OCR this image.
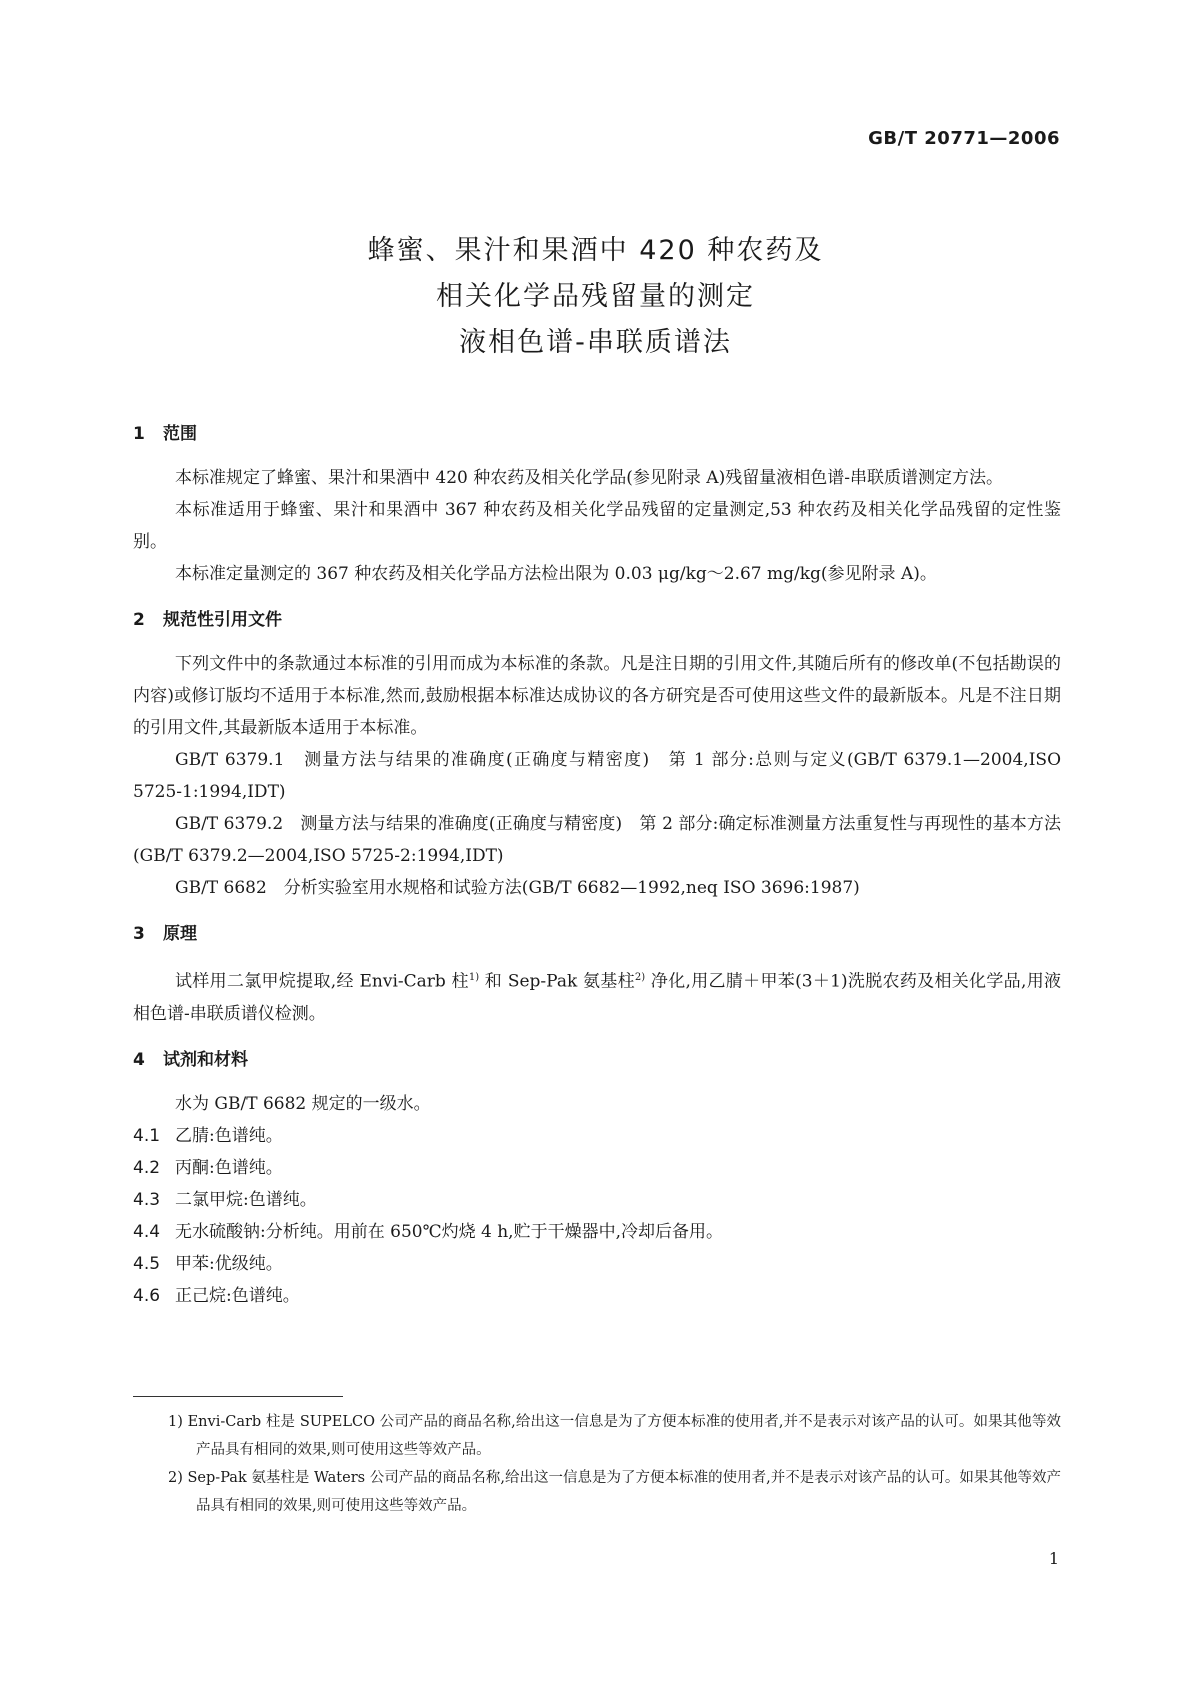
GB/T 20771—2006
蜂蜜、果汁和果酒中 420 种农药及
相关化学品残留量的测定
液相色谱-串联质谱法
1 范围

本标准规定了蜂蜜、果汁和果酒中 420 种农药及相关化学品(参见附录 A)残留量液相色谱-串联质谱测定方法。

本标准适用于蜂蜜、果汁和果酒中 367 种农药及相关化学品残留的定量测定,53 种农药及相关化学品残留的定性鉴别。

本标准定量测定的 367 种农药及相关化学品方法检出限为 0.03 μg/kg～2.67 mg/kg(参见附录 A)。

2 规范性引用文件

下列文件中的条款通过本标准的引用而成为本标准的条款。凡是注日期的引用文件,其随后所有的修改单(不包括勘误的内容)或修订版均不适用于本标准,然而,鼓励根据本标准达成协议的各方研究是否可使用这些文件的最新版本。凡是不注日期的引用文件,其最新版本适用于本标准。

GB/T 6379.1　测量方法与结果的准确度(正确度与精密度)　第 1 部分:总则与定义(GB/T 6379.1—2004,ISO 5725-1:1994,IDT)

GB/T 6379.2　测量方法与结果的准确度(正确度与精密度)　第 2 部分:确定标准测量方法重复性与再现性的基本方法(GB/T 6379.2—2004,ISO 5725-2:1994,IDT)

GB/T 6682　分析实验室用水规格和试验方法(GB/T 6682—1992,neq ISO 3696:1987)

3 原理

试样用二氯甲烷提取,经 Envi-Carb 柱$^{1)}$ 和 Sep-Pak 氨基柱$^{2)}$ 净化,用乙腈＋甲苯(3＋1)洗脱农药及相关化学品,用液相色谱-串联质谱仪检测。

4 试剂和材料

水为 GB/T 6682 规定的一级水。

4.1 乙腈:色谱纯。

4.2 丙酮:色谱纯。

4.3 二氯甲烷:色谱纯。

4.4 无水硫酸钠:分析纯。用前在 650℃灼烧 4 h,贮于干燥器中,冷却后备用。

4.5 甲苯:优级纯。

4.6 正己烷:色谱纯。

1) Envi-Carb 柱是 SUPELCO 公司产品的商品名称,给出这一信息是为了方便本标准的使用者,并不是表示对该产品的认可。如果其他等效产品具有相同的效果,则可使用这些等效产品。

2) Sep-Pak 氨基柱是 Waters 公司产品的商品名称,给出这一信息是为了方便本标准的使用者,并不是表示对该产品的认可。如果其他等效产品具有相同的效果,则可使用这些等效产品。

1
